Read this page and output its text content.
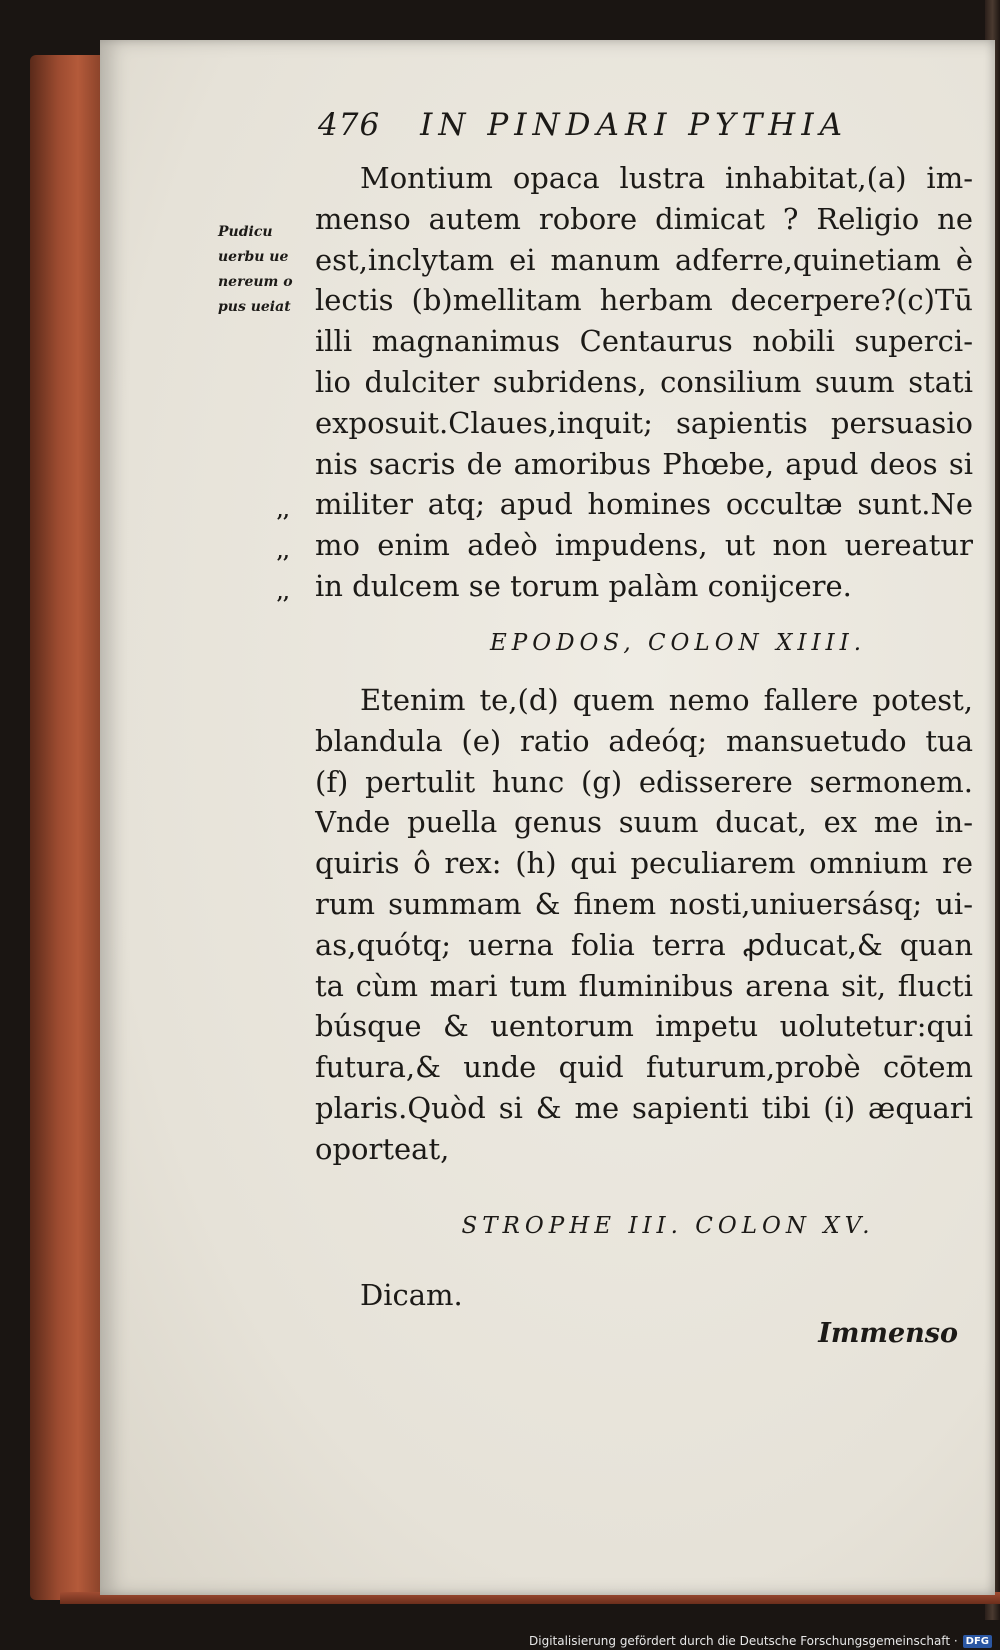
476 IN PINDARI PYTHIA
Pudicu
uerbu ue
nereum o
pus ueiat
,,
,,
,,
Montium opaca lustra inhabitat,(a) im-
menso autem robore dimicat ? Religio ne
est,inclytam ei manum adferre,quinetiam è
lectis (b)mellitam herbam decerpere?(c)Tū
illi magnanimus Centaurus nobili superci-
lio dulciter subridens, consilium suum stati
exposuit.Claues,inquit; sapientis persuasio
nis sacris de amoribus Phœbe, apud deos si
militer atq; apud homines occultæ sunt.Ne
mo enim adeò impudens, ut non uereatur
in dulcem se torum palàm conijcere.
EPODOS, COLON XIIII.
Etenim te,(d) quem nemo fallere potest,
blandula (e) ratio adeóq; mansuetudo tua
(f) pertulit hunc (g) edisserere sermonem.
Vnde puella genus suum ducat, ex me in-
quiris ô rex: (h) qui peculiarem omnium re
rum summam & finem nosti,uniuersásq; ui-
as,quótq; uerna folia terra ꝓducat,& quan
ta cùm mari tum fluminibus arena sit, flucti
búsque & uentorum impetu uolutetur:qui
futura,& unde quid futurum,probè cōtem
plaris.Quòd si & me sapienti tibi (i) æquari
oporteat,
STROPHE III. COLON XV.
Dicam.
Immenso
Digitalisierung gefördert durch die Deutsche Forschungsgemeinschaft · DFG
